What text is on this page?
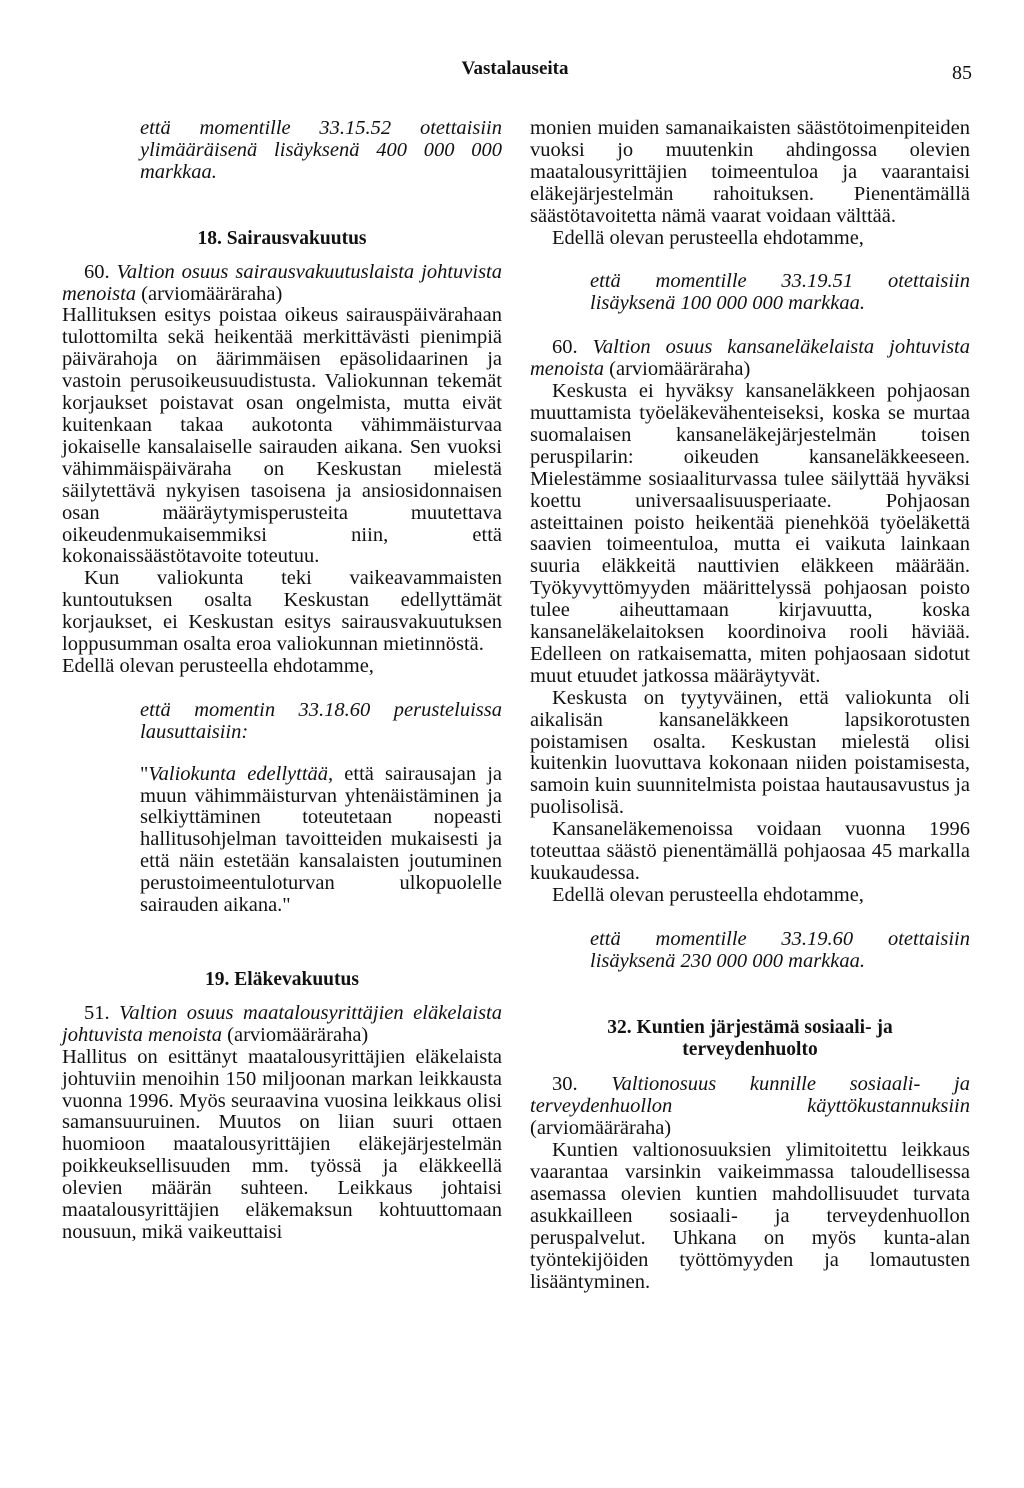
Vastalauseita	85

että momentille 33.15.52 otettaisiin ylimääräisenä lisäyksenä 400 000 000 markkaa.

18. Sairausvakuutus

60. Valtion osuus sairausvakuutuslaista johtuvista menoista (arviomääräraha)

Hallituksen esitys poistaa oikeus sairauspäivärahaan tulottomilta sekä heikentää merkittävästi pienimpiä päivärahoja on äärimmäisen epäsolidaarinen ja vastoin perusoikeusuudistusta. Valiokunnan tekemät korjaukset poistavat osan ongelmista, mutta eivät kuitenkaan takaa aukotonta vähimmäisturvaa jokaiselle kansalaiselle sairauden aikana. Sen vuoksi vähimmäispäiväraha on Keskustan mielestä säilytettävä nykyisen tasoisena ja ansiosidonnaisen osan määräytymisperusteita muutettava oikeudenmukaisemmiksi niin, että kokonaissäästötavoite toteutuu.

Kun valiokunta teki vaikeavammaisten kuntoutuksen osalta Keskustan edellyttämät korjaukset, ei Keskustan esitys sairausvakuutuksen loppusumman osalta eroa valiokunnan mietinnöstä.

Edellä olevan perusteella ehdotamme,

että momentin 33.18.60 perusteluissa lausuttaisiin:

"Valiokunta edellyttää, että sairausajan ja muun vähimmäisturvan yhtenäistäminen ja selkiyttäminen toteutetaan nopeasti hallitusohjelman tavoitteiden mukaisesti ja että näin estetään kansalaisten joutuminen perustoimeentuloturvan ulkopuolelle sairauden aikana."

19. Eläkevakuutus

51. Valtion osuus maatalousyrittäjien eläkelaista johtuvista menoista (arviomääräraha)

Hallitus on esittänyt maatalousyrittäjien eläkelaista johtuviin menoihin 150 miljoonan markan leikkausta vuonna 1996. Myös seuraavina vuosina leikkaus olisi samansuuruinen. Muutos on liian suuri ottaen huomioon maatalousyrittäjien eläkejärjestelmän poikkeuksellisuuden mm. työssä ja eläkkeellä olevien määrän suhteen. Leikkaus johtaisi maatalousyrittäjien eläkemaksun kohtuuttomaan nousuun, mikä vaikeuttaisi

monien muiden samanaikaisten säästötoimenpiteiden vuoksi jo muutenkin ahdingossa olevien maatalousyrittäjien toimeentuloa ja vaarantaisi eläkejärjestelmän rahoituksen. Pienentämällä säästötavoitetta nämä vaarat voidaan välttää.

Edellä olevan perusteella ehdotamme,

että momentille 33.19.51 otettaisiin lisäyksenä 100 000 000 markkaa.

60. Valtion osuus kansaneläkelaista johtuvista menoista (arviomääräraha)

Keskusta ei hyväksy kansaneläkkeen pohjaosan muuttamista työeläkevähenteiseksi, koska se murtaa suomalaisen kansaneläkejärjestelmän toisen peruspilarin: oikeuden kansaneläkkeeseen. Mielestämme sosiaaliturvassa tulee säilyttää hyväksi koettu universaalisuusperiaate. Pohjaosan asteittainen poisto heikentää pienehköä työeläkettä saavien toimeentuloa, mutta ei vaikuta lainkaan suuria eläkkeitä nauttivien eläkkeen määrään. Työkyvyttömyyden määrittelyssä pohjaosan poisto tulee aiheuttamaan kirjavuutta, koska kansaneläkelaitoksen koordinoiva rooli häviää. Edelleen on ratkaisematta, miten pohjaosaan sidotut muut etuudet jatkossa määräytyvät.

Keskusta on tyytyväinen, että valiokunta oli aikalisän kansaneläkkeen lapsikorotusten poistamisen osalta. Keskustan mielestä olisi kuitenkin luovuttava kokonaan niiden poistamisesta, samoin kuin suunnitelmista poistaa hautausavustus ja puolisolisä.

Kansaneläkemenoissa voidaan vuonna 1996 toteuttaa säästö pienentämällä pohjaosaa 45 markalla kuukaudessa.

Edellä olevan perusteella ehdotamme,

että momentille 33.19.60 otettaisiin lisäyksenä 230 000 000 markkaa.

32. Kuntien järjestämä sosiaali- ja terveydenhuolto

30. Valtionosuus kunnille sosiaali- ja terveydenhuollon käyttökustannuksiin (arviomääräraha)

Kuntien valtionosuuksien ylimitoitettu leikkaus vaarantaa varsinkin vaikeimmassa taloudellisessa asemassa olevien kuntien mahdollisuudet turvata asukkailleen sosiaali- ja terveydenhuollon peruspalvelut. Uhkana on myös kunta-alan työntekijöiden työttömyyden ja lomautusten lisääntyminen.
